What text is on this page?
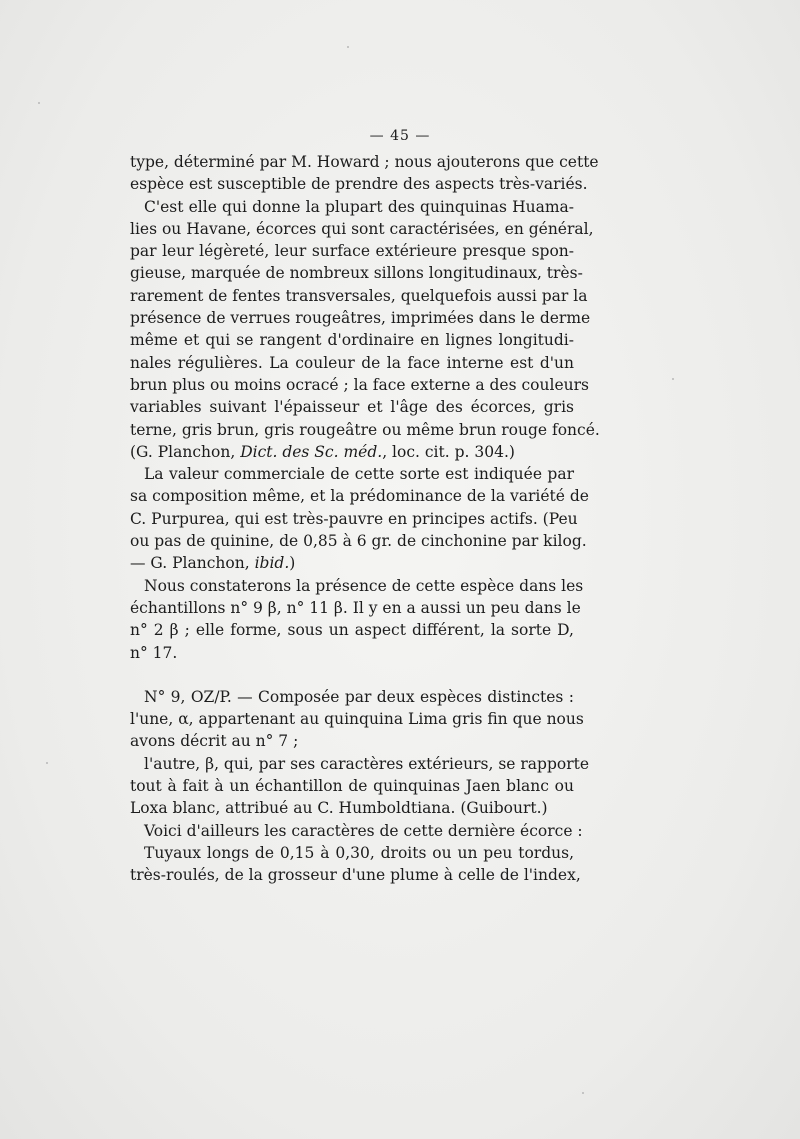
— 45 —
type, déterminé par M. Howard ; nous ajouterons que cette
espèce est susceptible de prendre des aspects très-variés.
C'est elle qui donne la plupart des quinquinas Huama-
lies ou Havane, écorces qui sont caractérisées, en général,
par leur légèreté, leur surface extérieure presque spon-
gieuse, marquée de nombreux sillons longitudinaux, très-
rarement de fentes transversales, quelquefois aussi par la
présence de verrues rougeâtres, imprimées dans le derme
même et qui se rangent d'ordinaire en lignes longitudi-
nales régulières. La couleur de la face interne est d'un
brun plus ou moins ocracé ; la face externe a des couleurs
variables suivant l'épaisseur et l'âge des écorces, gris
terne, gris brun, gris rougeâtre ou même brun rouge foncé.
(G. Planchon, Dict. des Sc. méd., loc. cit. p. 304.)
La valeur commerciale de cette sorte est indiquée par
sa composition même, et la prédominance de la variété de
C. Purpurea, qui est très-pauvre en principes actifs. (Peu
ou pas de quinine, de 0,85 à 6 gr. de cinchonine par kilog.
— G. Planchon, ibid.)
Nous constaterons la présence de cette espèce dans les
échantillons n° 9 β, n° 11 β. Il y en a aussi un peu dans le
n° 2 β ; elle forme, sous un aspect différent, la sorte D,
n° 17.
N° 9, OZ/P. — Composée par deux espèces distinctes :
l'une, α, appartenant au quinquina Lima gris fin que nous
avons décrit au n° 7 ;
l'autre, β, qui, par ses caractères extérieurs, se rapporte
tout à fait à un échantillon de quinquinas Jaen blanc ou
Loxa blanc, attribué au C. Humboldtiana. (Guibourt.)
Voici d'ailleurs les caractères de cette dernière écorce :
Tuyaux longs de 0,15 à 0,30, droits ou un peu tordus,
très-roulés, de la grosseur d'une plume à celle de l'index,
